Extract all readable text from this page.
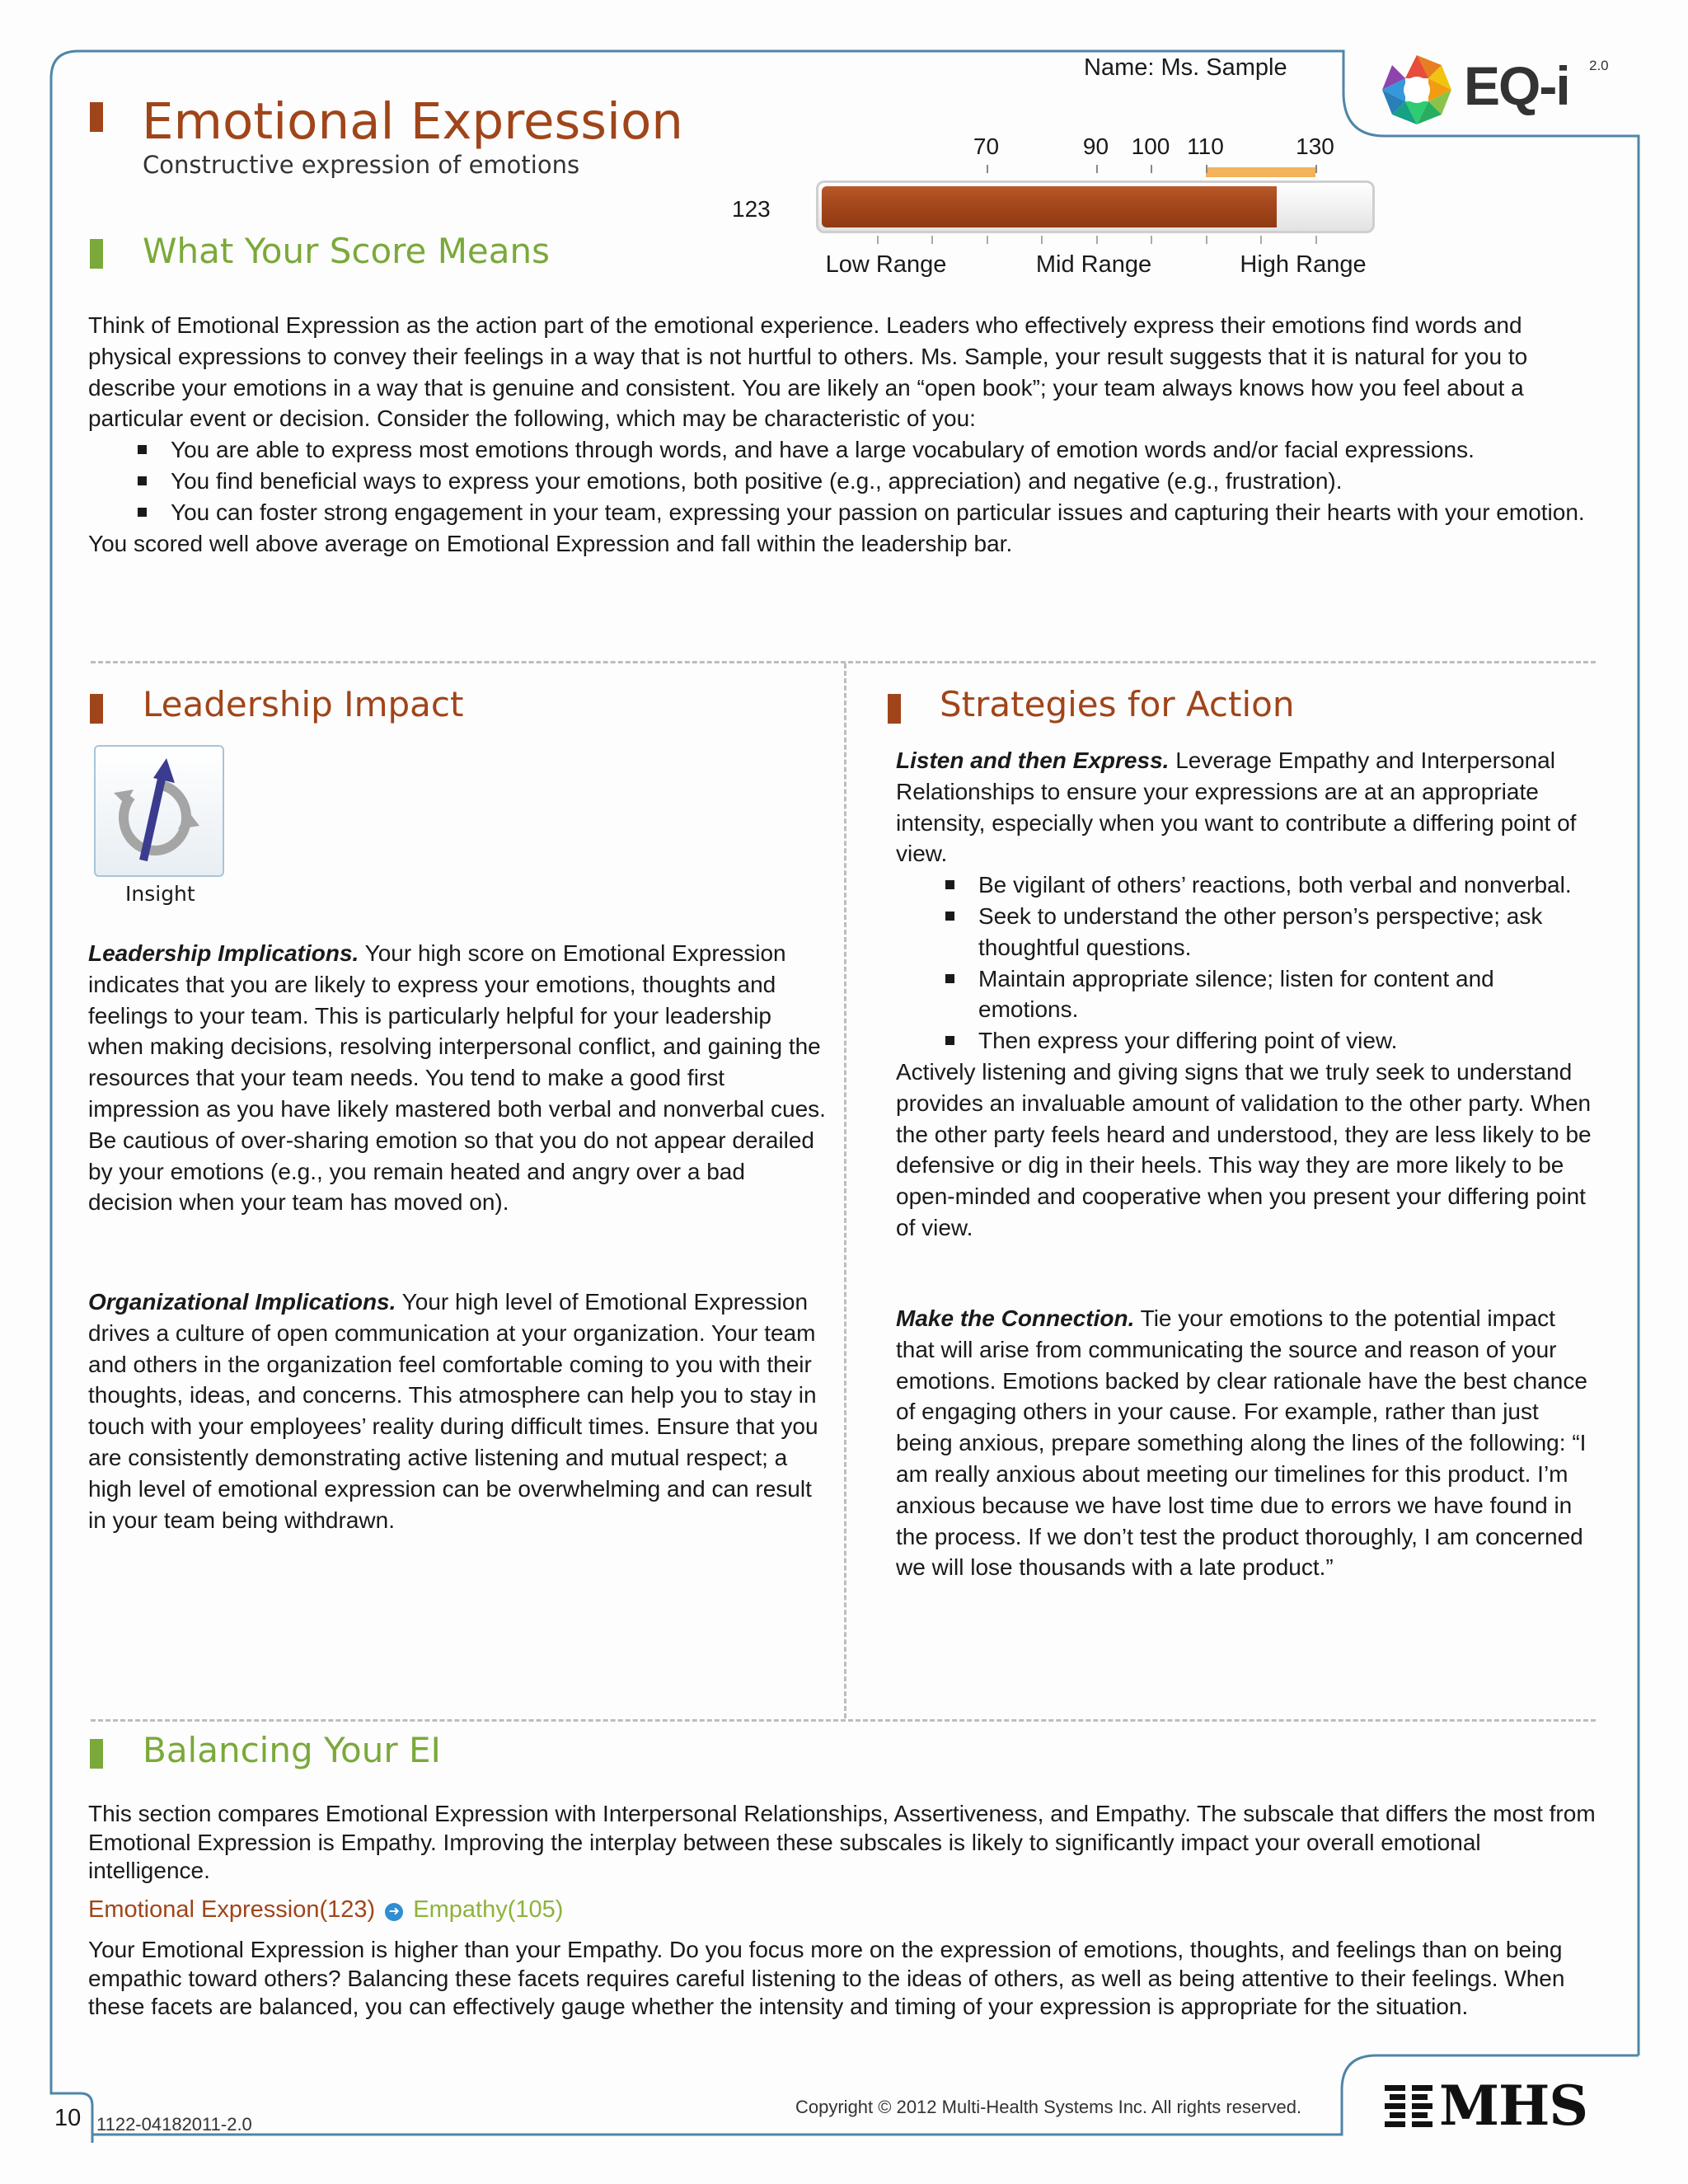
Name: Ms. Sample	EQ-i 2.0
Emotional Expression
Constructive expression of emotions
123
70	90 100 110	130
Low Range	Mid Range	High Range
What Your Score Means

Think of Emotional Expression as the action part of the emotional experience. Leaders who effectively express their emotions find words and physical expressions to convey their feelings in a way that is not hurtful to others. Ms. Sample, your result suggests that it is natural for you to describe your emotions in a way that is genuine and consistent. You are likely an “open book”; your team always knows how you feel about a particular event or decision. Consider the following, which may be characteristic of you:

You are able to express most emotions through words, and have a large vocabulary of emotion words and/or facial expressions.
You find beneficial ways to express your emotions, both positive (e.g., appreciation) and negative (e.g., frustration).
You can foster strong engagement in your team, expressing your passion on particular issues and capturing their hearts with your emotion.

You scored well above average on Emotional Expression and fall within the leadership bar.

Leadership Impact
Insight

Leadership Implications. Your high score on Emotional Expression indicates that you are likely to express your emotions, thoughts and feelings to your team. This is particularly helpful for your leadership when making decisions, resolving interpersonal conflict, and gaining the resources that your team needs. You tend to make a good first impression as you have likely mastered both verbal and nonverbal cues. Be cautious of over-sharing emotion so that you do not appear derailed by your emotions (e.g., you remain heated and angry over a bad decision when your team has moved on).

Organizational Implications. Your high level of Emotional Expression drives a culture of open communication at your organization. Your team and others in the organization feel comfortable coming to you with their thoughts, ideas, and concerns. This atmosphere can help you to stay in touch with your employees’ reality during difficult times. Ensure that you are consistently demonstrating active listening and mutual respect; a high level of emotional expression can be overwhelming and can result in your team being withdrawn.

Strategies for Action

Listen and then Express. Leverage Empathy and Interpersonal Relationships to ensure your expressions are at an appropriate intensity, especially when you want to contribute a differing point of view.

Be vigilant of others’ reactions, both verbal and nonverbal.
Seek to understand the other person’s perspective; ask thoughtful questions.
Maintain appropriate silence; listen for content and emotions.
Then express your differing point of view.

Actively listening and giving signs that we truly seek to understand provides an invaluable amount of validation to the other party. When the other party feels heard and understood, they are less likely to be defensive or dig in their heels. This way they are more likely to be open-minded and cooperative when you present your differing point of view.

Make the Connection. Tie your emotions to the potential impact that will arise from communicating the source and reason of your emotions. Emotions backed by clear rationale have the best chance of engaging others in your cause. For example, rather than just being anxious, prepare something along the lines of the following: “I am really anxious about meeting our timelines for this product. I’m anxious because we have lost time due to errors we have found in the process. If we don’t test the product thoroughly, I am concerned we will lose thousands with a late product.”

Balancing Your EI
This section compares Emotional Expression with Interpersonal Relationships, Assertiveness, and Empathy. The subscale that differs the most from Emotional Expression is Empathy. Improving the interplay between these subscales is likely to significantly impact your overall emotional intelligence.
Emotional Expression(123) ➜ Empathy(105)
Your Emotional Expression is higher than your Empathy. Do you focus more on the expression of emotions, thoughts, and feelings than on being empathic toward others? Balancing these facets requires careful listening to the ideas of others, as well as being attentive to their feelings. When these facets are balanced, you can effectively gauge whether the intensity and timing of your expression is appropriate for the situation.
10 1122-04182011-2.0
Copyright © 2012 Multi-Health Systems Inc. All rights reserved.	MHS
